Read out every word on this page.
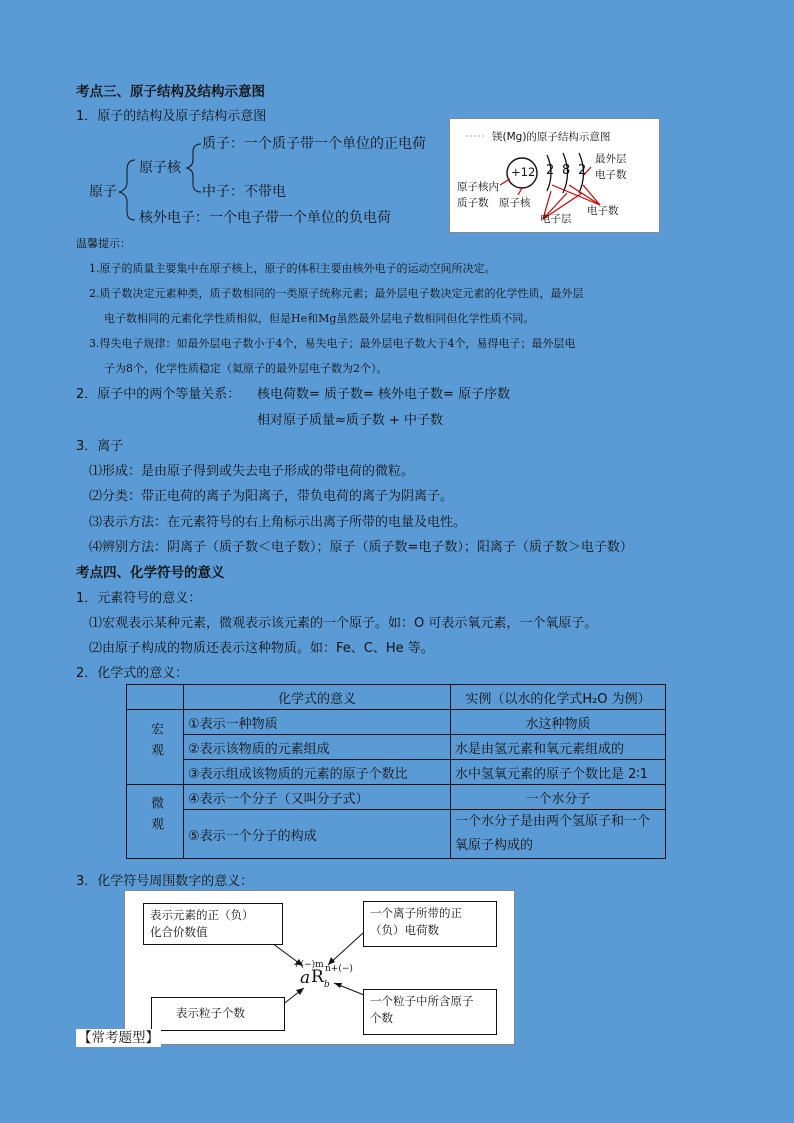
考点三、原子结构及结构示意图
1．原子的结构及原子结构示意图
原子
原子核
质子：一个质子带一个单位的正电荷
中子：不带电
核外电子：一个电子带一个单位的负电荷
镁(Mg)的原子结构示意图
+12 2 8 2
最外层
电子数
原子核内
质子数 原子核
电子层
电子数
温馨提示：
1.原子的质量主要集中在原子核上，原子的体积主要由核外电子的运动空间所决定。
2.质子数决定元素种类，质子数相同的一类原子统称元素；最外层电子数决定元素的化学性质，最外层
电子数相同的元素化学性质相似，但是He和Mg虽然最外层电子数相同但化学性质不同。
3.得失电子规律：如最外层电子数小于4个，易失电子；最外层电子数大于4个，易得电子；最外层电
子为8个，化学性质稳定（氦原子的最外层电子数为2个）。
2．原子中的两个等量关系： 核电荷数= 质子数= 核外电子数= 原子序数
相对原子质量≈质子数 + 中子数
3．离子
⑴形成：是由原子得到或失去电子形成的带电荷的微粒。
⑵分类：带正电荷的离子为阳离子，带负电荷的离子为阴离子。
⑶表示方法：在元素符号的右上角标示出离子所带的电量及电性。
⑷辨别方法：阴离子（质子数＜电子数）；原子（质子数=电子数）；阳离子（质子数＞电子数）
考点四、化学符号的意义
1．元素符号的意义：
⑴宏观表示某种元素，微观表示该元素的一个原子。如：O 可表示氧元素，一个氧原子。
⑵由原子构成的物质还表示这种物质。如：Fe、C、He 等。
2．化学式的意义：
	化学式的意义	实例（以水的化学式H₂O 为例）
宏观	①表示一种物质	水这种物质
	②表示该物质的元素组成	水是由氢元素和氧元素组成的
	③表示组成该物质的元素的原子个数比	水中氢氧元素的原子个数比是 2∶1
微观	④表示一个分子（又叫分子式）	一个水分子
	⑤表示一个分子的构成	一个水分子是由两个氢原子和一个
氧原子构成的
3．化学符号周围数字的意义：
表示元素的正（负）
化合价数值
一个离子所带的正
（负）电荷数
表示粒子个数
一个粒子中所含原子
个数
+(−)m
a R b
n+(−)
【常考题型】
